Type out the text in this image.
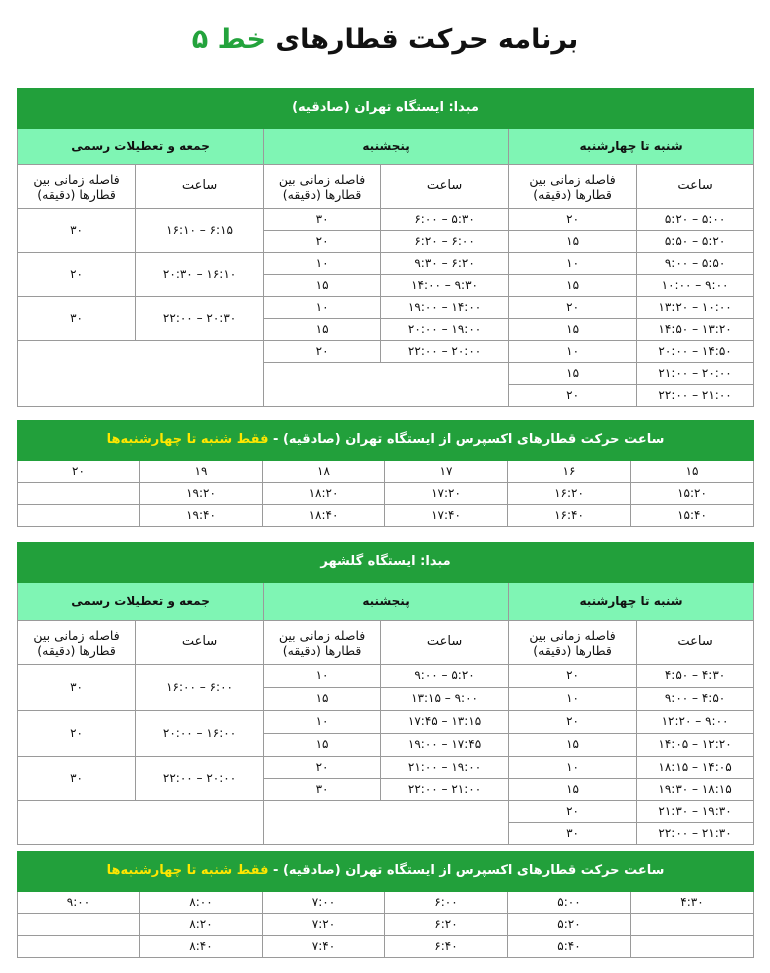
برنامه حرکت قطارهای خط ۵
مبدا: ایستگاه تهران (صادقیه)					
شنبه تا چهارشنبه		پنجشنبه		جمعه و تعطیلات رسمی	
ساعت	فاصله زمانی بین قطارها (دقیقه)	ساعت	فاصله زمانی بین قطارها (دقیقه)	ساعت	فاصله زمانی بین قطارها (دقیقه)
۵:۰۰ – ۵:۲۰	۲۰	۵:۳۰ – ۶:۰۰	۳۰	۶:۱۵ – ۱۶:۱۰	۳۰
۵:۲۰ – ۵:۵۰	۱۵	۶:۰۰ – ۶:۲۰	۲۰		
۵:۵۰ – ۹:۰۰	۱۰	۶:۲۰ – ۹:۳۰	۱۰	۱۶:۱۰ – ۲۰:۳۰	۲۰
۹:۰۰ – ۱۰:۰۰	۱۵	۹:۳۰ – ۱۴:۰۰	۱۵		
۱۰:۰۰ – ۱۳:۲۰	۲۰	۱۴:۰۰ – ۱۹:۰۰	۱۰	۲۰:۳۰ – ۲۲:۰۰	۳۰
۱۳:۲۰ – ۱۴:۵۰	۱۵	۱۹:۰۰ – ۲۰:۰۰	۱۵		
۱۴:۵۰ – ۲۰:۰۰	۱۰	۲۰:۰۰ – ۲۲:۰۰	۲۰		
۲۰:۰۰ – ۲۱:۰۰	۱۵				
۲۱:۰۰ – ۲۲:۰۰	۲۰				
ساعت حرکت قطارهای اکسپرس از ایستگاه تهران (صادقیه) - فقط شنبه تا چهارشنبه‌ها					
۱۵	۱۶	۱۷	۱۸	۱۹	۲۰
۱۵:۲۰	۱۶:۲۰	۱۷:۲۰	۱۸:۲۰	۱۹:۲۰	
۱۵:۴۰	۱۶:۴۰	۱۷:۴۰	۱۸:۴۰	۱۹:۴۰	
مبدا: ایستگاه گلشهر					
شنبه تا چهارشنبه		پنجشنبه		جمعه و تعطیلات رسمی	
ساعت	فاصله زمانی بین قطارها (دقیقه)	ساعت	فاصله زمانی بین قطارها (دقیقه)	ساعت	فاصله زمانی بین قطارها (دقیقه)
۴:۳۰ – ۴:۵۰	۲۰	۵:۲۰ – ۹:۰۰	۱۰	۶:۰۰ – ۱۶:۰۰	۳۰
۴:۵۰ – ۹:۰۰	۱۰	۹:۰۰ – ۱۳:۱۵	۱۵		
۹:۰۰ – ۱۲:۲۰	۲۰	۱۳:۱۵ – ۱۷:۴۵	۱۰	۱۶:۰۰ – ۲۰:۰۰	۲۰
۱۲:۲۰ – ۱۴:۰۵	۱۵	۱۷:۴۵ – ۱۹:۰۰	۱۵		
۱۴:۰۵ – ۱۸:۱۵	۱۰	۱۹:۰۰ – ۲۱:۰۰	۲۰	۲۰:۰۰ – ۲۲:۰۰	۳۰
۱۸:۱۵ – ۱۹:۳۰	۱۵	۲۱:۰۰ – ۲۲:۰۰	۳۰		
۱۹:۳۰ – ۲۱:۳۰	۲۰				
۲۱:۳۰ – ۲۲:۰۰	۳۰				
ساعت حرکت قطارهای اکسپرس از ایستگاه تهران (صادقیه) - فقط شنبه تا چهارشنبه‌ها					
۴:۳۰	۵:۰۰	۶:۰۰	۷:۰۰	۸:۰۰	۹:۰۰
	۵:۲۰	۶:۲۰	۷:۲۰	۸:۲۰	
	۵:۴۰	۶:۴۰	۷:۴۰	۸:۴۰	
